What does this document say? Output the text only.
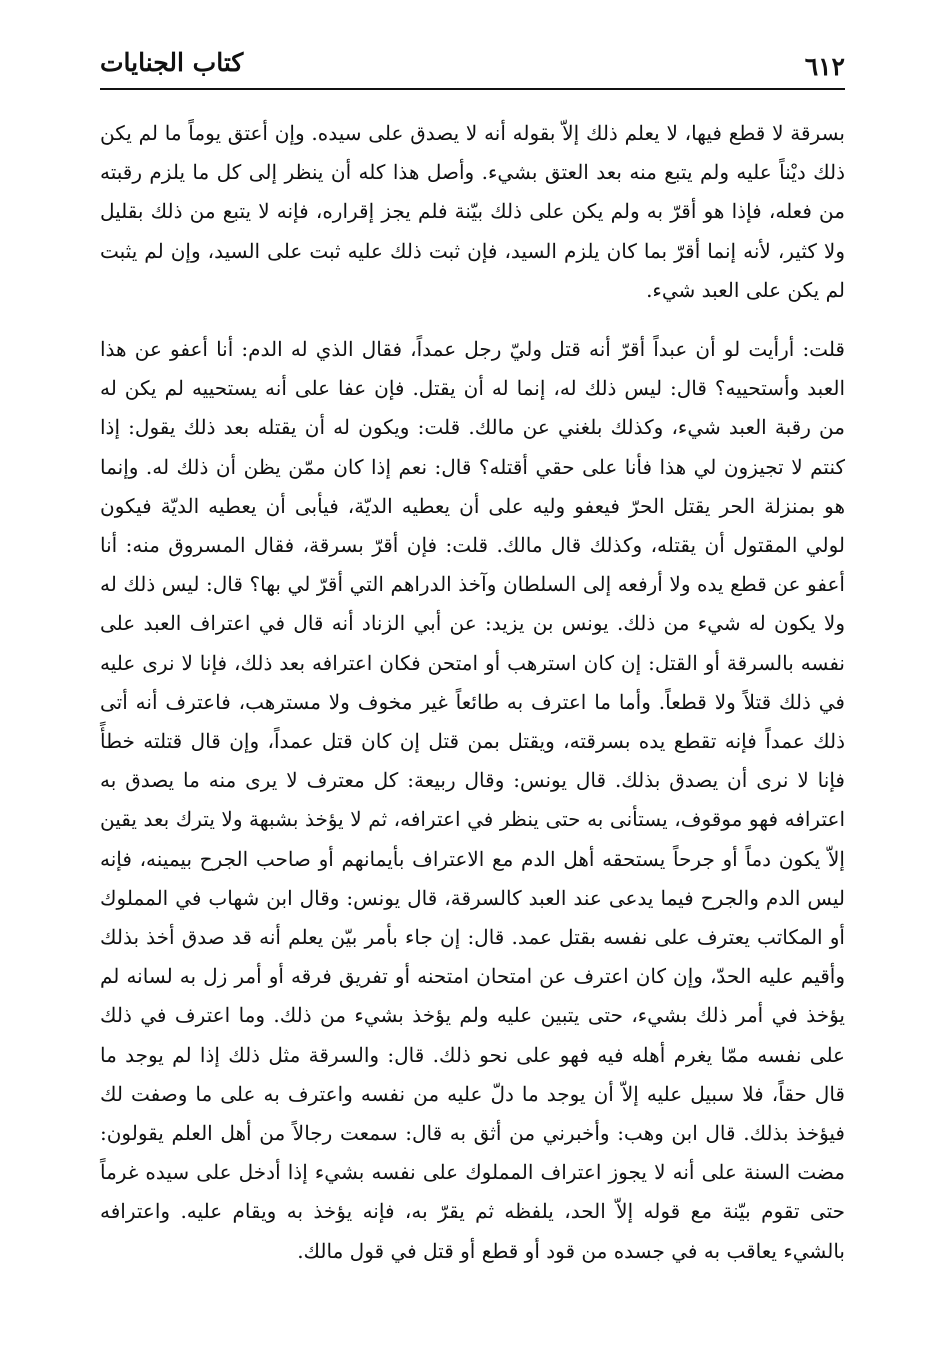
٦١٢
كتاب الجنايات

بسرقة لا قطع فيها، لا يعلم ذلك إلاّ بقوله أنه لا يصدق على سيده. وإن أعتق يوماً ما لم يكن ذلك ديْناً عليه ولم يتبع منه بعد العتق بشيء. وأصل هذا كله أن ينظر إلى كل ما يلزم رقبته من فعله، فإذا هو أقرّ به ولم يكن على ذلك بيّنة فلم يجز إقراره، فإنه لا يتبع من ذلك بقليل ولا كثير، لأنه إنما أقرّ بما كان يلزم السيد، فإن ثبت ذلك عليه ثبت على السيد، وإن لم يثبت لم يكن على العبد شيء.

قلت: أرأيت لو أن عبداً أقرّ أنه قتل وليّ رجل عمداً، فقال الذي له الدم: أنا أعفو عن هذا العبد وأستحييه؟ قال: ليس ذلك له، إنما له أن يقتل. فإن عفا على أنه يستحييه لم يكن له من رقبة العبد شيء، وكذلك بلغني عن مالك. قلت: ويكون له أن يقتله بعد ذلك يقول: إذا كنتم لا تجيزون لي هذا فأنا على حقي أقتله؟ قال: نعم إذا كان ممّن يظن أن ذلك له. وإنما هو بمنزلة الحر يقتل الحرّ فيعفو وليه على أن يعطيه الديّة، فيأبى أن يعطيه الديّة فيكون لولي المقتول أن يقتله، وكذلك قال مالك. قلت: فإن أقرّ بسرقة، فقال المسروق منه: أنا أعفو عن قطع يده ولا أرفعه إلى السلطان وآخذ الدراهم التي أقرّ لي بها؟ قال: ليس ذلك له ولا يكون له شيء من ذلك. يونس بن يزيد: عن أبي الزناد أنه قال في اعتراف العبد على نفسه بالسرقة أو القتل: إن كان استرهب أو امتحن فكان اعترافه بعد ذلك، فإنا لا نرى عليه في ذلك قتلاً ولا قطعاً. وأما ما اعترف به طائعاً غير مخوف ولا مسترهب، فاعترف أنه أتى ذلك عمداً فإنه تقطع يده بسرقته، ويقتل بمن قتل إن كان قتل عمداً، وإن قال قتلته خطأً فإنا لا نرى أن يصدق بذلك. قال يونس: وقال ربيعة: كل معترف لا يرى منه ما يصدق به اعترافه فهو موقوف، يستأنى به حتى ينظر في اعترافه، ثم لا يؤخذ بشبهة ولا يترك بعد يقين إلاّ يكون دماً أو جرحاً يستحقه أهل الدم مع الاعتراف بأيمانهم أو صاحب الجرح بيمينه، فإنه ليس الدم والجرح فيما يدعى عند العبد كالسرقة، قال يونس: وقال ابن شهاب في المملوك أو المكاتب يعترف على نفسه بقتل عمد. قال: إن جاء بأمر بيّن يعلم أنه قد صدق أخذ بذلك وأقيم عليه الحدّ، وإن كان اعترف عن امتحان امتحنه أو تفريق فرقه أو أمر زل به لسانه لم يؤخذ في أمر ذلك بشيء، حتى يتبين عليه ولم يؤخذ بشيء من ذلك. وما اعترف في ذلك على نفسه ممّا يغرم أهله فيه فهو على نحو ذلك. قال: والسرقة مثل ذلك إذا لم يوجد ما قال حقاً، فلا سبيل عليه إلاّ أن يوجد ما دلّ عليه من نفسه واعترف به على ما وصفت لك فيؤخذ بذلك. قال ابن وهب: وأخبرني من أثق به قال: سمعت رجالاً من أهل العلم يقولون: مضت السنة على أنه لا يجوز اعتراف المملوك على نفسه بشيء إذا أدخل على سيده غرماً حتى تقوم بيّنة مع قوله إلاّ الحد، يلفظه ثم يقرّ به، فإنه يؤخذ به ويقام عليه. واعترافه بالشيء يعاقب به في جسده من قود أو قطع أو قتل في قول مالك.
